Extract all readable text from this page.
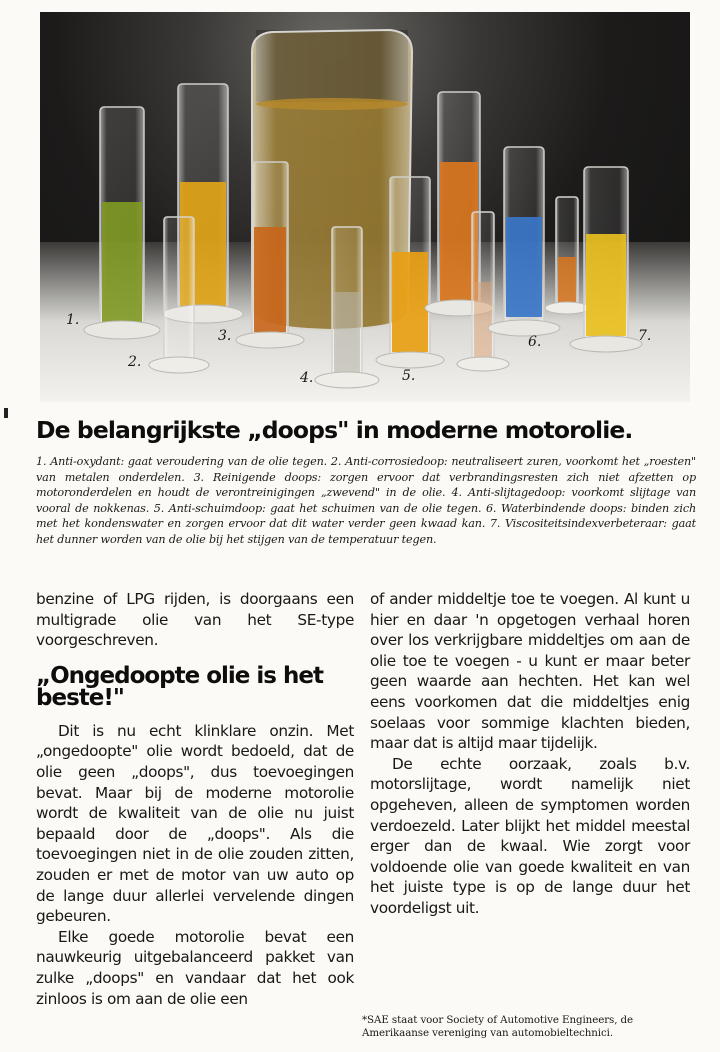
1.
2.
3.
4.	5.
6.	7.
De belangrijkste „doops" in moderne motorolie.
1. Anti-oxydant: gaat veroudering van de olie tegen. 2. Anti-corrosiedoop: neutraliseert zuren, voorkomt het „roesten" van metalen onderdelen. 3. Reinigende doops: zorgen ervoor dat verbrandingsresten zich niet afzetten op motoronderdelen en houdt de verontreinigingen „zwevend" in de olie. 4. Anti-slijtagedoop: voorkomt slijtage van vooral de nokkenas. 5. Anti-schuimdoop: gaat het schuimen van de olie tegen. 6. Waterbindende doops: binden zich met het kondenswater en zorgen ervoor dat dit water verder geen kwaad kan. 7. Viscositeitsindexverbeteraar: gaat het dunner worden van de olie bij het stijgen van de temperatuur tegen.

benzine of LPG rijden, is doorgaans een multigrade olie van het SE-type voorgeschreven.

„Ongedoopte olie is het beste!"

Dit is nu echt klinklare onzin. Met „ongedoopte" olie wordt bedoeld, dat de olie geen „doops", dus toevoegingen bevat. Maar bij de moderne motorolie wordt de kwaliteit van de olie nu juist bepaald door de „doops". Als die toevoegingen niet in de olie zouden zitten, zouden er met de motor van uw auto op de lange duur allerlei vervelende dingen gebeuren.

Elke goede motorolie bevat een nauwkeurig uitgebalanceerd pakket van zulke „doops" en vandaar dat het ook zinloos is om aan de olie een

of ander middeltje toe te voegen. Al kunt u hier en daar 'n opgetogen verhaal horen over los verkrijgbare middeltjes om aan de olie toe te voegen - u kunt er maar beter geen waarde aan hechten. Het kan wel eens voorkomen dat die middeltjes enig soelaas voor sommige klachten bieden, maar dat is altijd maar tijdelijk.

De echte oorzaak, zoals b.v. motorslijtage, wordt namelijk niet opgeheven, alleen de symptomen worden verdoezeld. Later blijkt het middel meestal erger dan de kwaal. Wie zorgt voor voldoende olie van goede kwaliteit en van het juiste type is op de lange duur het voordeligst uit.

*SAE staat voor Society of Automotive Engineers, de Amerikaanse vereniging van automobieltechnici.
